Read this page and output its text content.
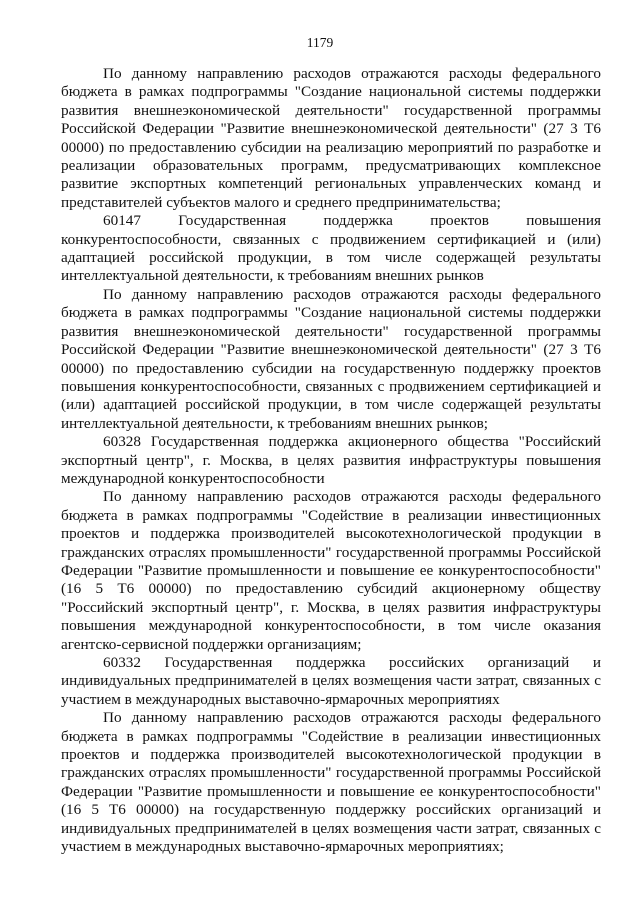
1179

По данному направлению расходов отражаются расходы федерального бюджета в рамках подпрограммы "Создание национальной системы поддержки развития внешнеэкономической деятельности" государственной программы Российской Федерации "Развитие внешнеэкономической деятельности" (27 3 Т6 00000) по предоставлению субсидии на реализацию мероприятий по разработке и реализации образовательных программ, предусматривающих комплексное развитие экспортных компетенций региональных управленческих команд и представителей субъектов малого и среднего предпринимательства;

60147 Государственная поддержка проектов повышения конкурентоспособности, связанных с продвижением сертификацией и (или) адаптацией российской продукции, в том числе содержащей результаты интеллектуальной деятельности, к требованиям внешних рынков

По данному направлению расходов отражаются расходы федерального бюджета в рамках подпрограммы "Создание национальной системы поддержки развития внешнеэкономической деятельности" государственной программы Российской Федерации "Развитие внешнеэкономической деятельности" (27 3 Т6 00000) по предоставлению субсидии на государственную поддержку проектов повышения конкурентоспособности, связанных с продвижением сертификацией и (или) адаптацией российской продукции, в том числе содержащей результаты интеллектуальной деятельности, к требованиям внешних рынков;

60328 Государственная поддержка акционерного общества "Российский экспортный центр", г. Москва, в целях развития инфраструктуры повышения международной конкурентоспособности

По данному направлению расходов отражаются расходы федерального бюджета в рамках подпрограммы "Содействие в реализации инвестиционных проектов и поддержка производителей высокотехнологической продукции в гражданских отраслях промышленности" государственной программы Российской Федерации "Развитие промышленности и повышение ее конкурентоспособности" (16 5 Т6 00000) по предоставлению субсидий акционерному обществу "Российский экспортный центр", г. Москва, в целях развития инфраструктуры повышения международной конкурентоспособности, в том числе оказания агентско-сервисной поддержки организациям;

60332 Государственная поддержка российских организаций и индивидуальных предпринимателей в целях возмещения части затрат, связанных с участием в международных выставочно-ярмарочных мероприятиях

По данному направлению расходов отражаются расходы федерального бюджета в рамках подпрограммы "Содействие в реализации инвестиционных проектов и поддержка производителей высокотехнологической продукции в гражданских отраслях промышленности" государственной программы Российской Федерации "Развитие промышленности и повышение ее конкурентоспособности" (16 5 Т6 00000) на государственную поддержку российских организаций и индивидуальных предпринимателей в целях возмещения части затрат, связанных с участием в международных выставочно-ярмарочных мероприятиях;
